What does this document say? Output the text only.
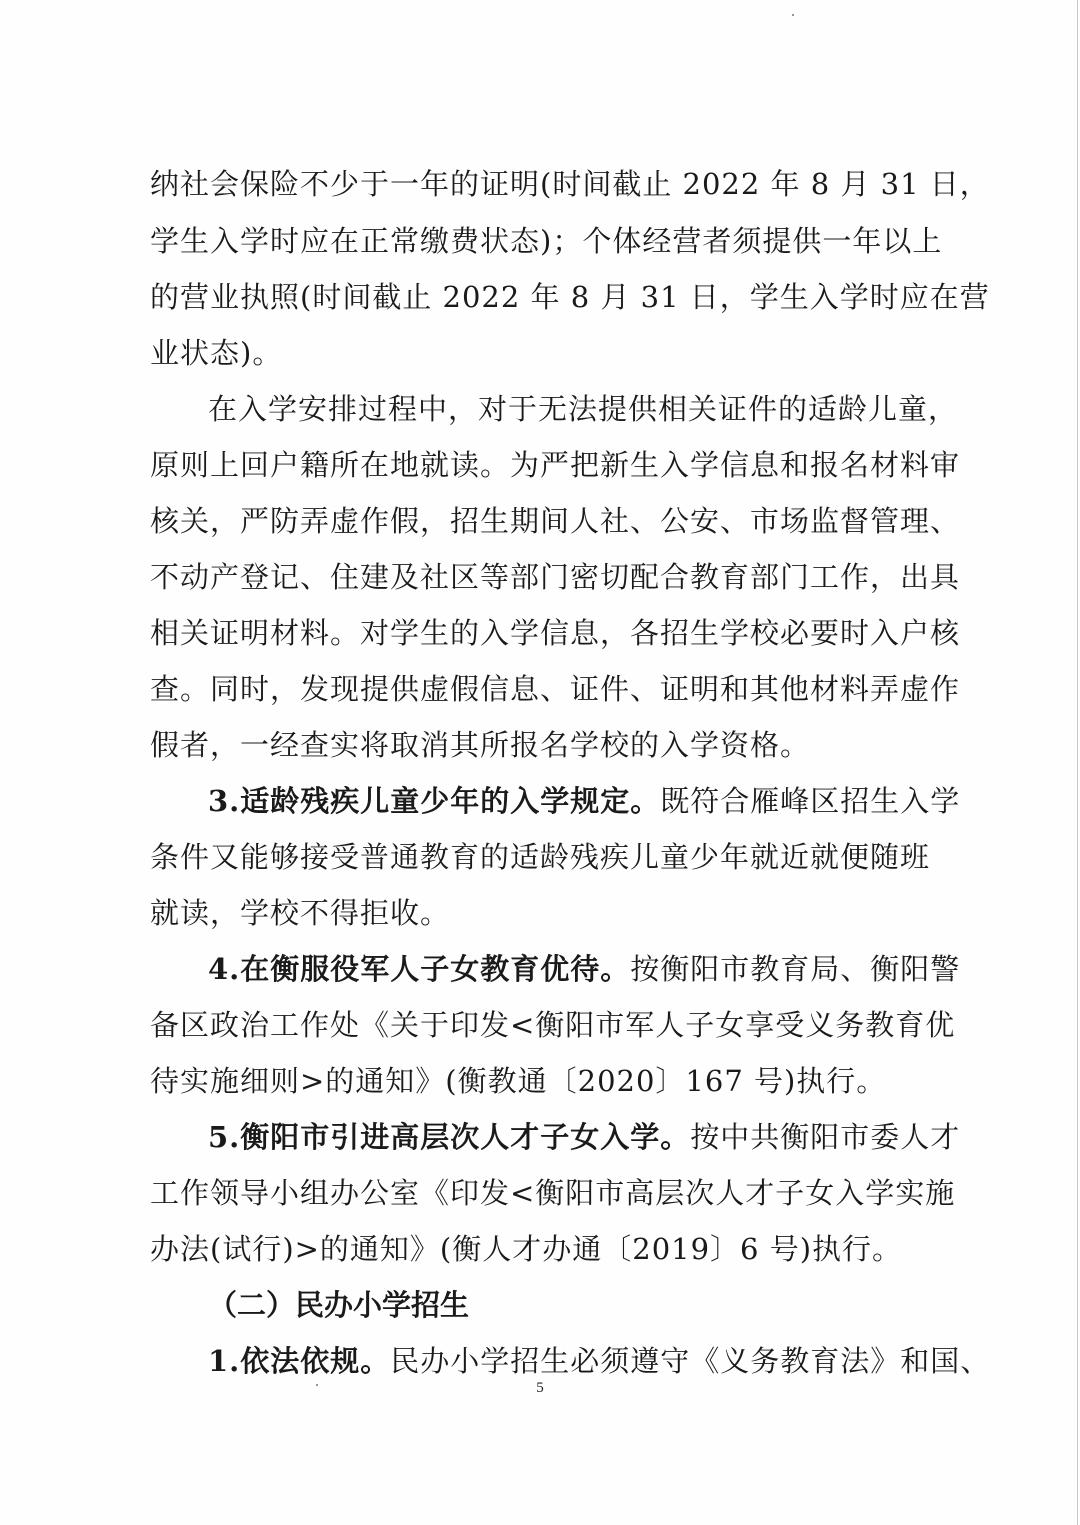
纳社会保险不少于一年的证明(时间截止 2022 年 8 月 31 日，
学生入学时应在正常缴费状态)；个体经营者须提供一年以上
的营业执照(时间截止 2022 年 8 月 31 日，学生入学时应在营
业状态)。
在入学安排过程中，对于无法提供相关证件的适龄儿童，
原则上回户籍所在地就读。为严把新生入学信息和报名材料审
核关，严防弄虚作假，招生期间人社、公安、市场监督管理、
不动产登记、住建及社区等部门密切配合教育部门工作，出具
相关证明材料。对学生的入学信息，各招生学校必要时入户核
查。同时，发现提供虚假信息、证件、证明和其他材料弄虚作
假者，一经查实将取消其所报名学校的入学资格。
3.适龄残疾儿童少年的入学规定。既符合雁峰区招生入学
条件又能够接受普通教育的适龄残疾儿童少年就近就便随班
就读，学校不得拒收。
4.在衡服役军人子女教育优待。按衡阳市教育局、衡阳警
备区政治工作处《关于印发<衡阳市军人子女享受义务教育优
待实施细则>的通知》(衡教通〔2020〕167 号)执行。
5.衡阳市引进高层次人才子女入学。按中共衡阳市委人才
工作领导小组办公室《印发<衡阳市高层次人才子女入学实施
办法(试行)>的通知》(衡人才办通〔2019〕6 号)执行。
（二）民办小学招生
1.依法依规。民办小学招生必须遵守《义务教育法》和国、
5
